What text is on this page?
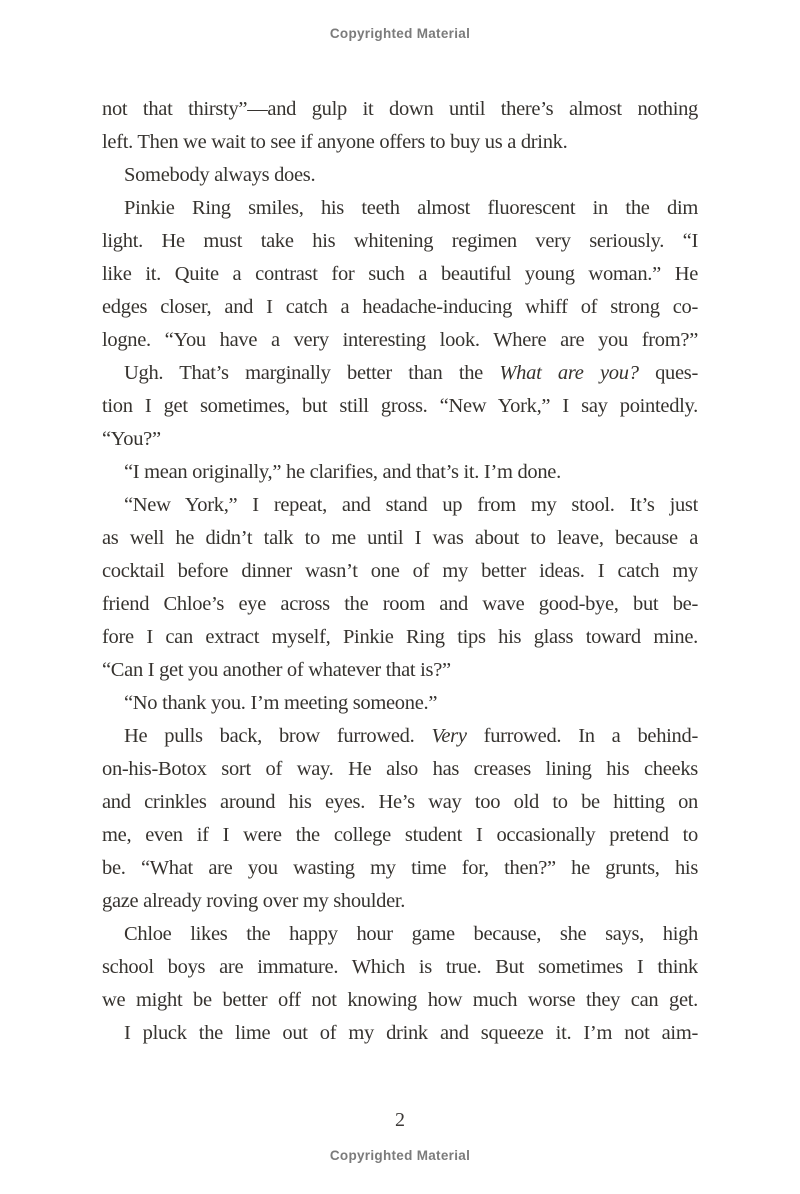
Copyrighted Material
not that thirsty”—and gulp it down until there’s almost nothing
left. Then we wait to see if anyone offers to buy us a drink.
Somebody always does.
Pinkie Ring smiles, his teeth almost fluorescent in the dim
light. He must take his whitening regimen very seriously. “I
like it. Quite a contrast for such a beautiful young woman.” He
edges closer, and I catch a headache-inducing whiff of strong co-
logne. “You have a very interesting look. Where are you from?”
Ugh. That’s marginally better than the What are you? ques-
tion I get sometimes, but still gross. “New York,” I say pointedly.
“You?”
“I mean originally,” he clarifies, and that’s it. I’m done.
“New York,” I repeat, and stand up from my stool. It’s just
as well he didn’t talk to me until I was about to leave, because a
cocktail before dinner wasn’t one of my better ideas. I catch my
friend Chloe’s eye across the room and wave good-bye, but be-
fore I can extract myself, Pinkie Ring tips his glass toward mine.
“Can I get you another of whatever that is?”
“No thank you. I’m meeting someone.”
He pulls back, brow furrowed. Very furrowed. In a behind-
on-his-Botox sort of way. He also has creases lining his cheeks
and crinkles around his eyes. He’s way too old to be hitting on
me, even if I were the college student I occasionally pretend to
be. “What are you wasting my time for, then?” he grunts, his
gaze already roving over my shoulder.
Chloe likes the happy hour game because, she says, high
school boys are immature. Which is true. But sometimes I think
we might be better off not knowing how much worse they can get.
I pluck the lime out of my drink and squeeze it. I’m not aim-
2
Copyrighted Material
